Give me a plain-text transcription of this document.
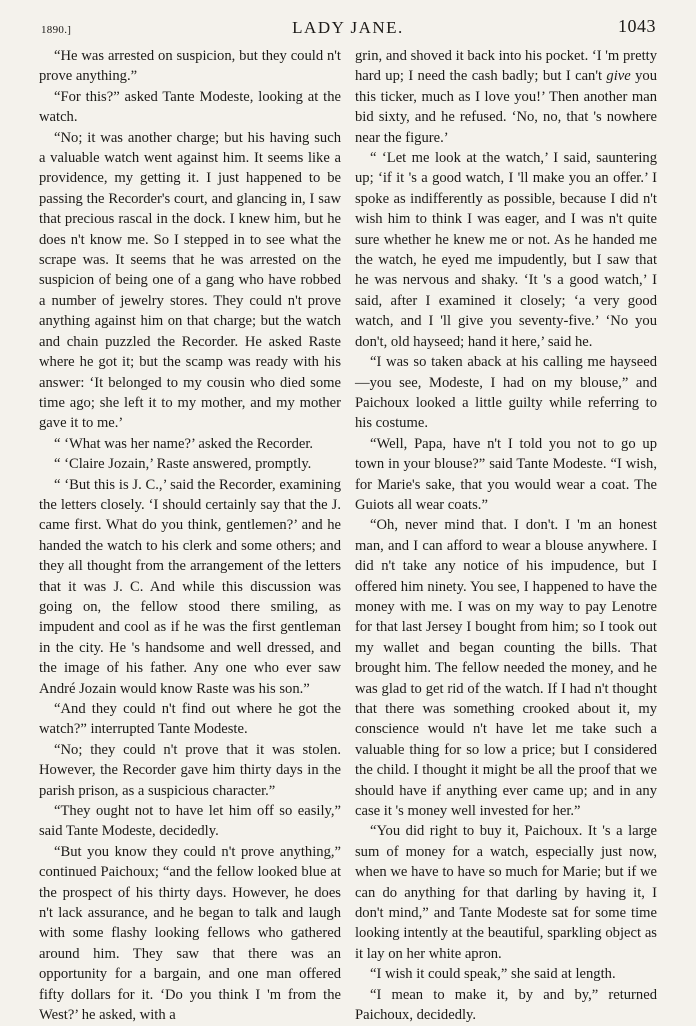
1890.]	LADY JANE.	1043

“He was arrested on suspicion, but they could n't prove anything.”

“For this?” asked Tante Modeste, looking at the watch.

“No; it was another charge; but his having such a valuable watch went against him. It seems like a providence, my getting it. I just happened to be passing the Recorder's court, and glancing in, I saw that precious rascal in the dock. I knew him, but he does n't know me. So I stepped in to see what the scrape was. It seems that he was arrested on the suspicion of being one of a gang who have robbed a number of jewelry stores. They could n't prove anything against him on that charge; but the watch and chain puzzled the Recorder. He asked Raste where he got it; but the scamp was ready with his answer: ‘It belonged to my cousin who died some time ago; she left it to my mother, and my mother gave it to me.’

“ ‘What was her name?’ asked the Recorder.

“ ‘Claire Jozain,’ Raste answered, promptly.

“ ‘But this is J. C.,’ said the Recorder, examining the letters closely. ‘I should certainly say that the J. came first. What do you think, gentlemen?’ and he handed the watch to his clerk and some others; and they all thought from the arrangement of the letters that it was J. C. And while this discussion was going on, the fellow stood there smiling, as impudent and cool as if he was the first gentleman in the city. He 's handsome and well dressed, and the image of his father. Any one who ever saw André Jozain would know Raste was his son.”

“And they could n't find out where he got the watch?” interrupted Tante Modeste.

“No; they could n't prove that it was stolen. However, the Recorder gave him thirty days in the parish prison, as a suspicious character.”

“They ought not to have let him off so easily,” said Tante Modeste, decidedly.

“But you know they could n't prove anything,” continued Paichoux; “and the fellow looked blue at the prospect of his thirty days. However, he does n't lack assurance, and he began to talk and laugh with some flashy looking fellows who gathered around him. They saw that there was an opportunity for a bargain, and one man offered fifty dollars for it. ‘Do you think I 'm from the West?’ he asked, with a

grin, and shoved it back into his pocket. ‘I 'm pretty hard up; I need the cash badly; but I can't give you this ticker, much as I love you!’ Then another man bid sixty, and he refused. ‘No, no, that 's nowhere near the figure.’

“ ‘Let me look at the watch,’ I said, sauntering up; ‘if it 's a good watch, I 'll make you an offer.’ I spoke as indifferently as possible, because I did n't wish him to think I was eager, and I was n't quite sure whether he knew me or not. As he handed me the watch, he eyed me impudently, but I saw that he was nervous and shaky. ‘It 's a good watch,’ I said, after I examined it closely; ‘a very good watch, and I 'll give you seventy-five.’ ‘No you don't, old hayseed; hand it here,’ said he.

“I was so taken aback at his calling me hayseed—you see, Modeste, I had on my blouse,” and Paichoux looked a little guilty while referring to his costume.

“Well, Papa, have n't I told you not to go up town in your blouse?” said Tante Modeste. “I wish, for Marie's sake, that you would wear a coat. The Guiots all wear coats.”

“Oh, never mind that. I don't. I 'm an honest man, and I can afford to wear a blouse anywhere. I did n't take any notice of his impudence, but I offered him ninety. You see, I happened to have the money with me. I was on my way to pay Lenotre for that last Jersey I bought from him; so I took out my wallet and began counting the bills. That brought him. The fellow needed the money, and he was glad to get rid of the watch. If I had n't thought that there was something crooked about it, my conscience would n't have let me take such a valuable thing for so low a price; but I considered the child. I thought it might be all the proof that we should have if anything ever came up; and in any case it 's money well invested for her.”

“You did right to buy it, Paichoux. It 's a large sum of money for a watch, especially just now, when we have to have so much for Marie; but if we can do anything for that darling by having it, I don't mind,” and Tante Modeste sat for some time looking intently at the beautiful, sparkling object as it lay on her white apron.

“I wish it could speak,” she said at length.

“I mean to make it, by and by,” returned Paichoux, decidedly.
